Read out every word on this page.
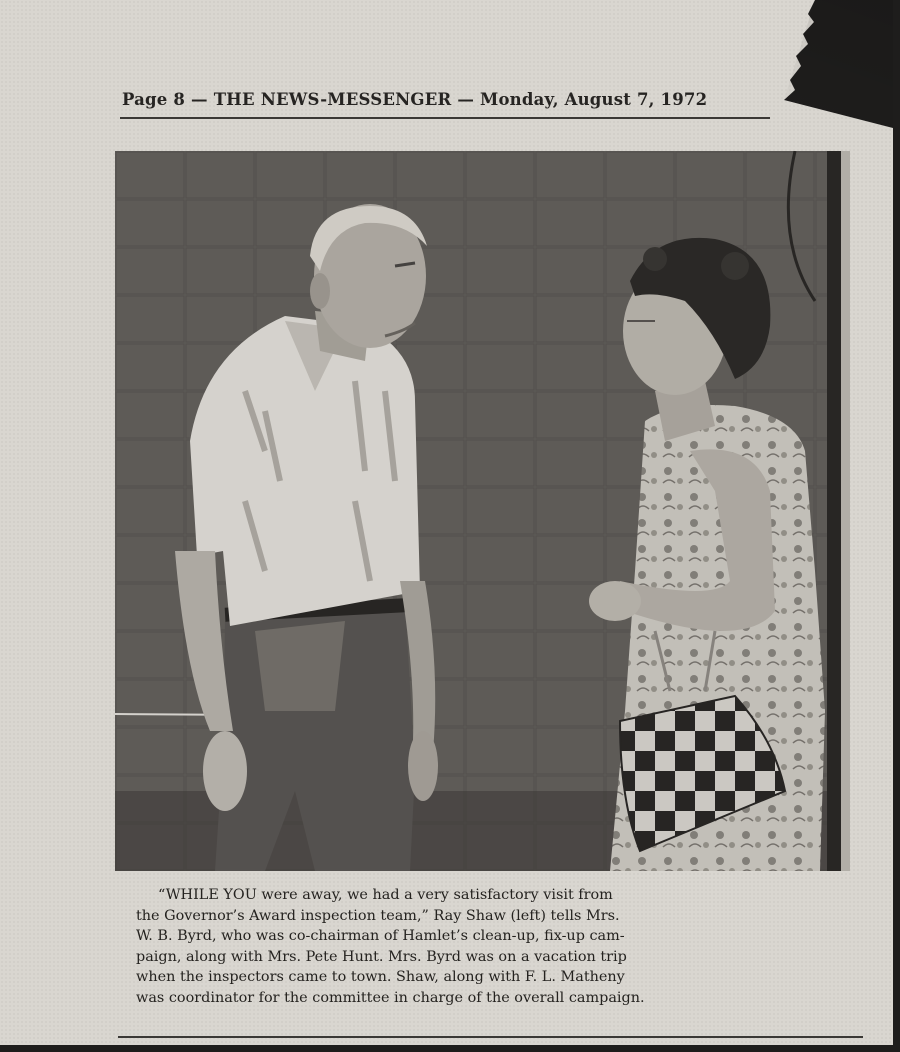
Page 8 — THE NEWS-MESSENGER — Monday, August 7, 1972

“WHILE YOU were away, we had a very satisfactory visit from
the Governor’s Award inspection team,” Ray Shaw (left) tells Mrs.
W. B. Byrd, who was co-chairman of Hamlet’s clean-up, fix-up cam-
paign, along with Mrs. Pete Hunt. Mrs. Byrd was on a vacation trip
when the inspectors came to town. Shaw, along with F. L. Matheny
was coordinator for the committee in charge of the overall campaign.
